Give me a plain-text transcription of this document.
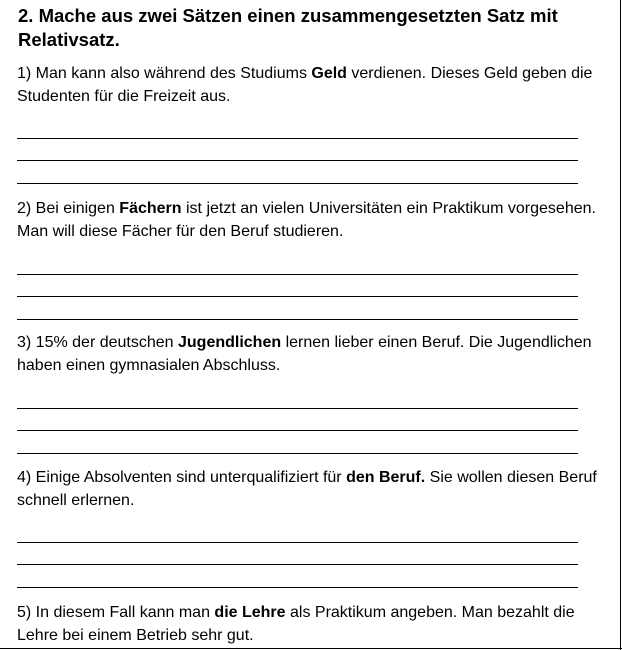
2. Mache aus zwei Sätzen einen zusammengesetzten Satz mit Relativsatz.

1) Man kann also während des Studiums Geld verdienen. Dieses Geld geben die Studenten für die Freizeit aus.

2) Bei einigen Fächern ist jetzt an vielen Universitäten ein Praktikum vorgesehen. Man will diese Fächer für den Beruf studieren.

3) 15% der deutschen Jugendlichen lernen lieber einen Beruf. Die Jugendlichen haben einen gymnasialen Abschluss.

4) Einige Absolventen sind unterqualifiziert für den Beruf. Sie wollen diesen Beruf schnell erlernen.

5) In diesem Fall kann man die Lehre als Praktikum angeben. Man bezahlt die Lehre bei einem Betrieb sehr gut.
